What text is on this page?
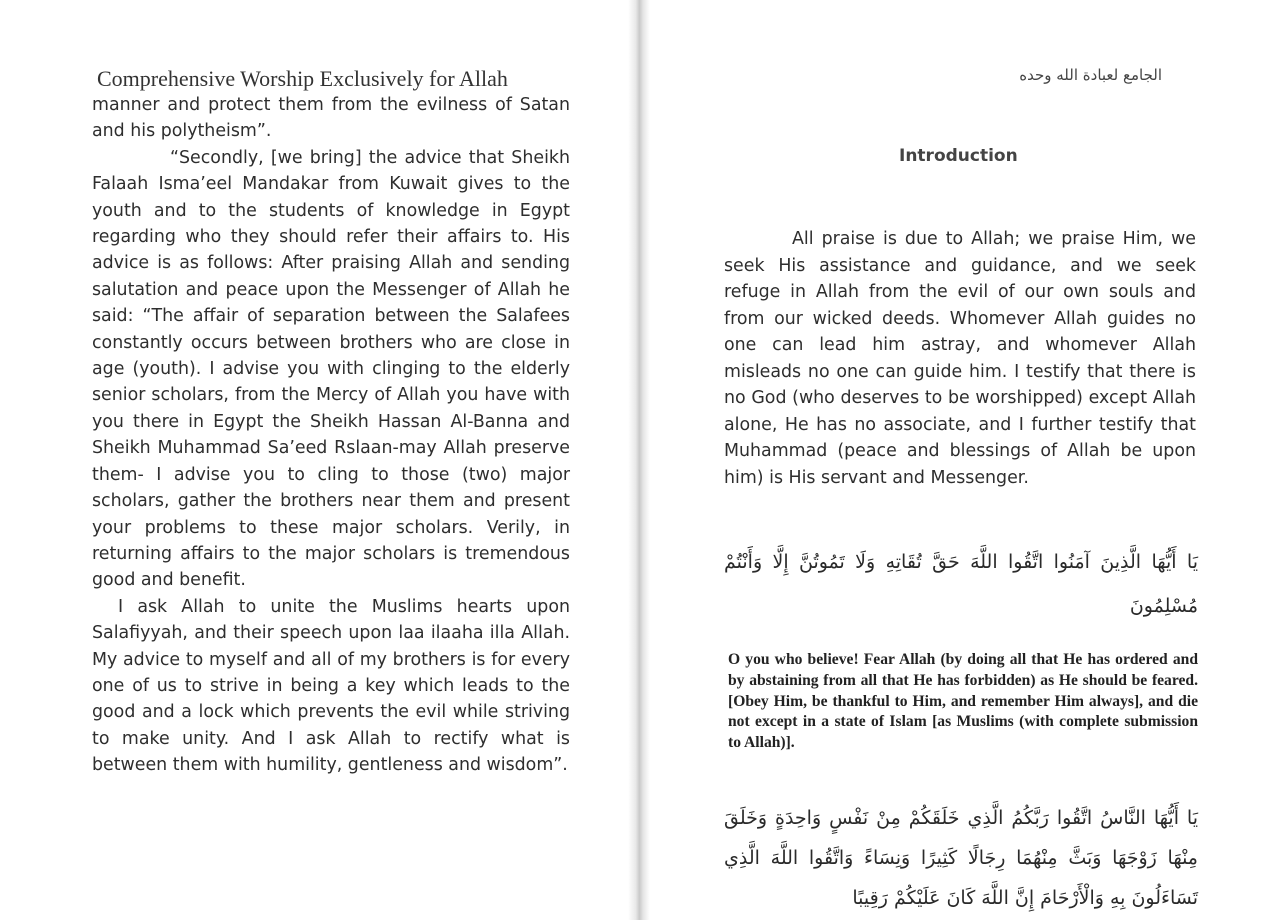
Comprehensive Worship Exclusively for Allah

manner and protect them from the evilness of Satan and his polytheism”.

“Secondly, [we bring] the advice that Sheikh Falaah Isma’eel Mandakar from Kuwait gives to the youth and to the students of knowledge in Egypt regarding who they should refer their affairs to. His advice is as follows: After praising Allah and sending salutation and peace upon the Messenger of Allah he said: “The affair of separation between the Salafees constantly occurs between brothers who are close in age (youth). I advise you with clinging to the elderly senior scholars, from the Mercy of Allah you have with you there in Egypt the Sheikh Hassan Al-Banna and Sheikh Muhammad Sa’eed Rslaan-may Allah preserve them- I advise you to cling to those (two) major scholars, gather the brothers near them and present your problems to these major scholars. Verily, in returning affairs to the major scholars is tremendous good and benefit.

I ask Allah to unite the Muslims hearts upon Salafiyyah, and their speech upon laa ilaaha illa Allah. My advice to myself and all of my brothers is for every one of us to strive in being a key which leads to the good and a lock which prevents the evil while striving to make unity. And I ask Allah to rectify what is between them with humility, gentleness and wisdom”.

الجامع لعبادة الله وحده
Introduction

All praise is due to Allah; we praise Him, we seek His assistance and guidance, and we seek refuge in Allah from the evil of our own souls and from our wicked deeds. Whomever Allah guides no one can lead him astray, and whomever Allah misleads no one can guide him. I testify that there is no God (who deserves to be worshipped) except Allah alone, He has no associate, and I further testify that Muhammad (peace and blessings of Allah be upon him) is His servant and Messenger.

يَا أَيُّهَا الَّذِينَ آمَنُوا اتَّقُوا اللَّهَ حَقَّ تُقَاتِهِ وَلَا تَمُوتُنَّ إِلَّا وَأَنْتُمْ مُسْلِمُونَ
O you who believe! Fear Allah (by doing all that He has ordered and by abstaining from all that He has forbidden) as He should be feared. [Obey Him, be thankful to Him, and remember Him always], and die not except in a state of Islam [as Muslims (with complete submission to Allah)].
يَا أَيُّهَا النَّاسُ اتَّقُوا رَبَّكُمُ الَّذِي خَلَقَكُمْ مِنْ نَفْسٍ وَاحِدَةٍ وَخَلَقَ مِنْهَا زَوْجَهَا وَبَثَّ مِنْهُمَا رِجَالًا كَثِيرًا وَنِسَاءً وَاتَّقُوا اللَّهَ الَّذِي تَسَاءَلُونَ بِهِ وَالْأَرْحَامَ إِنَّ اللَّهَ كَانَ عَلَيْكُمْ رَقِيبًا
